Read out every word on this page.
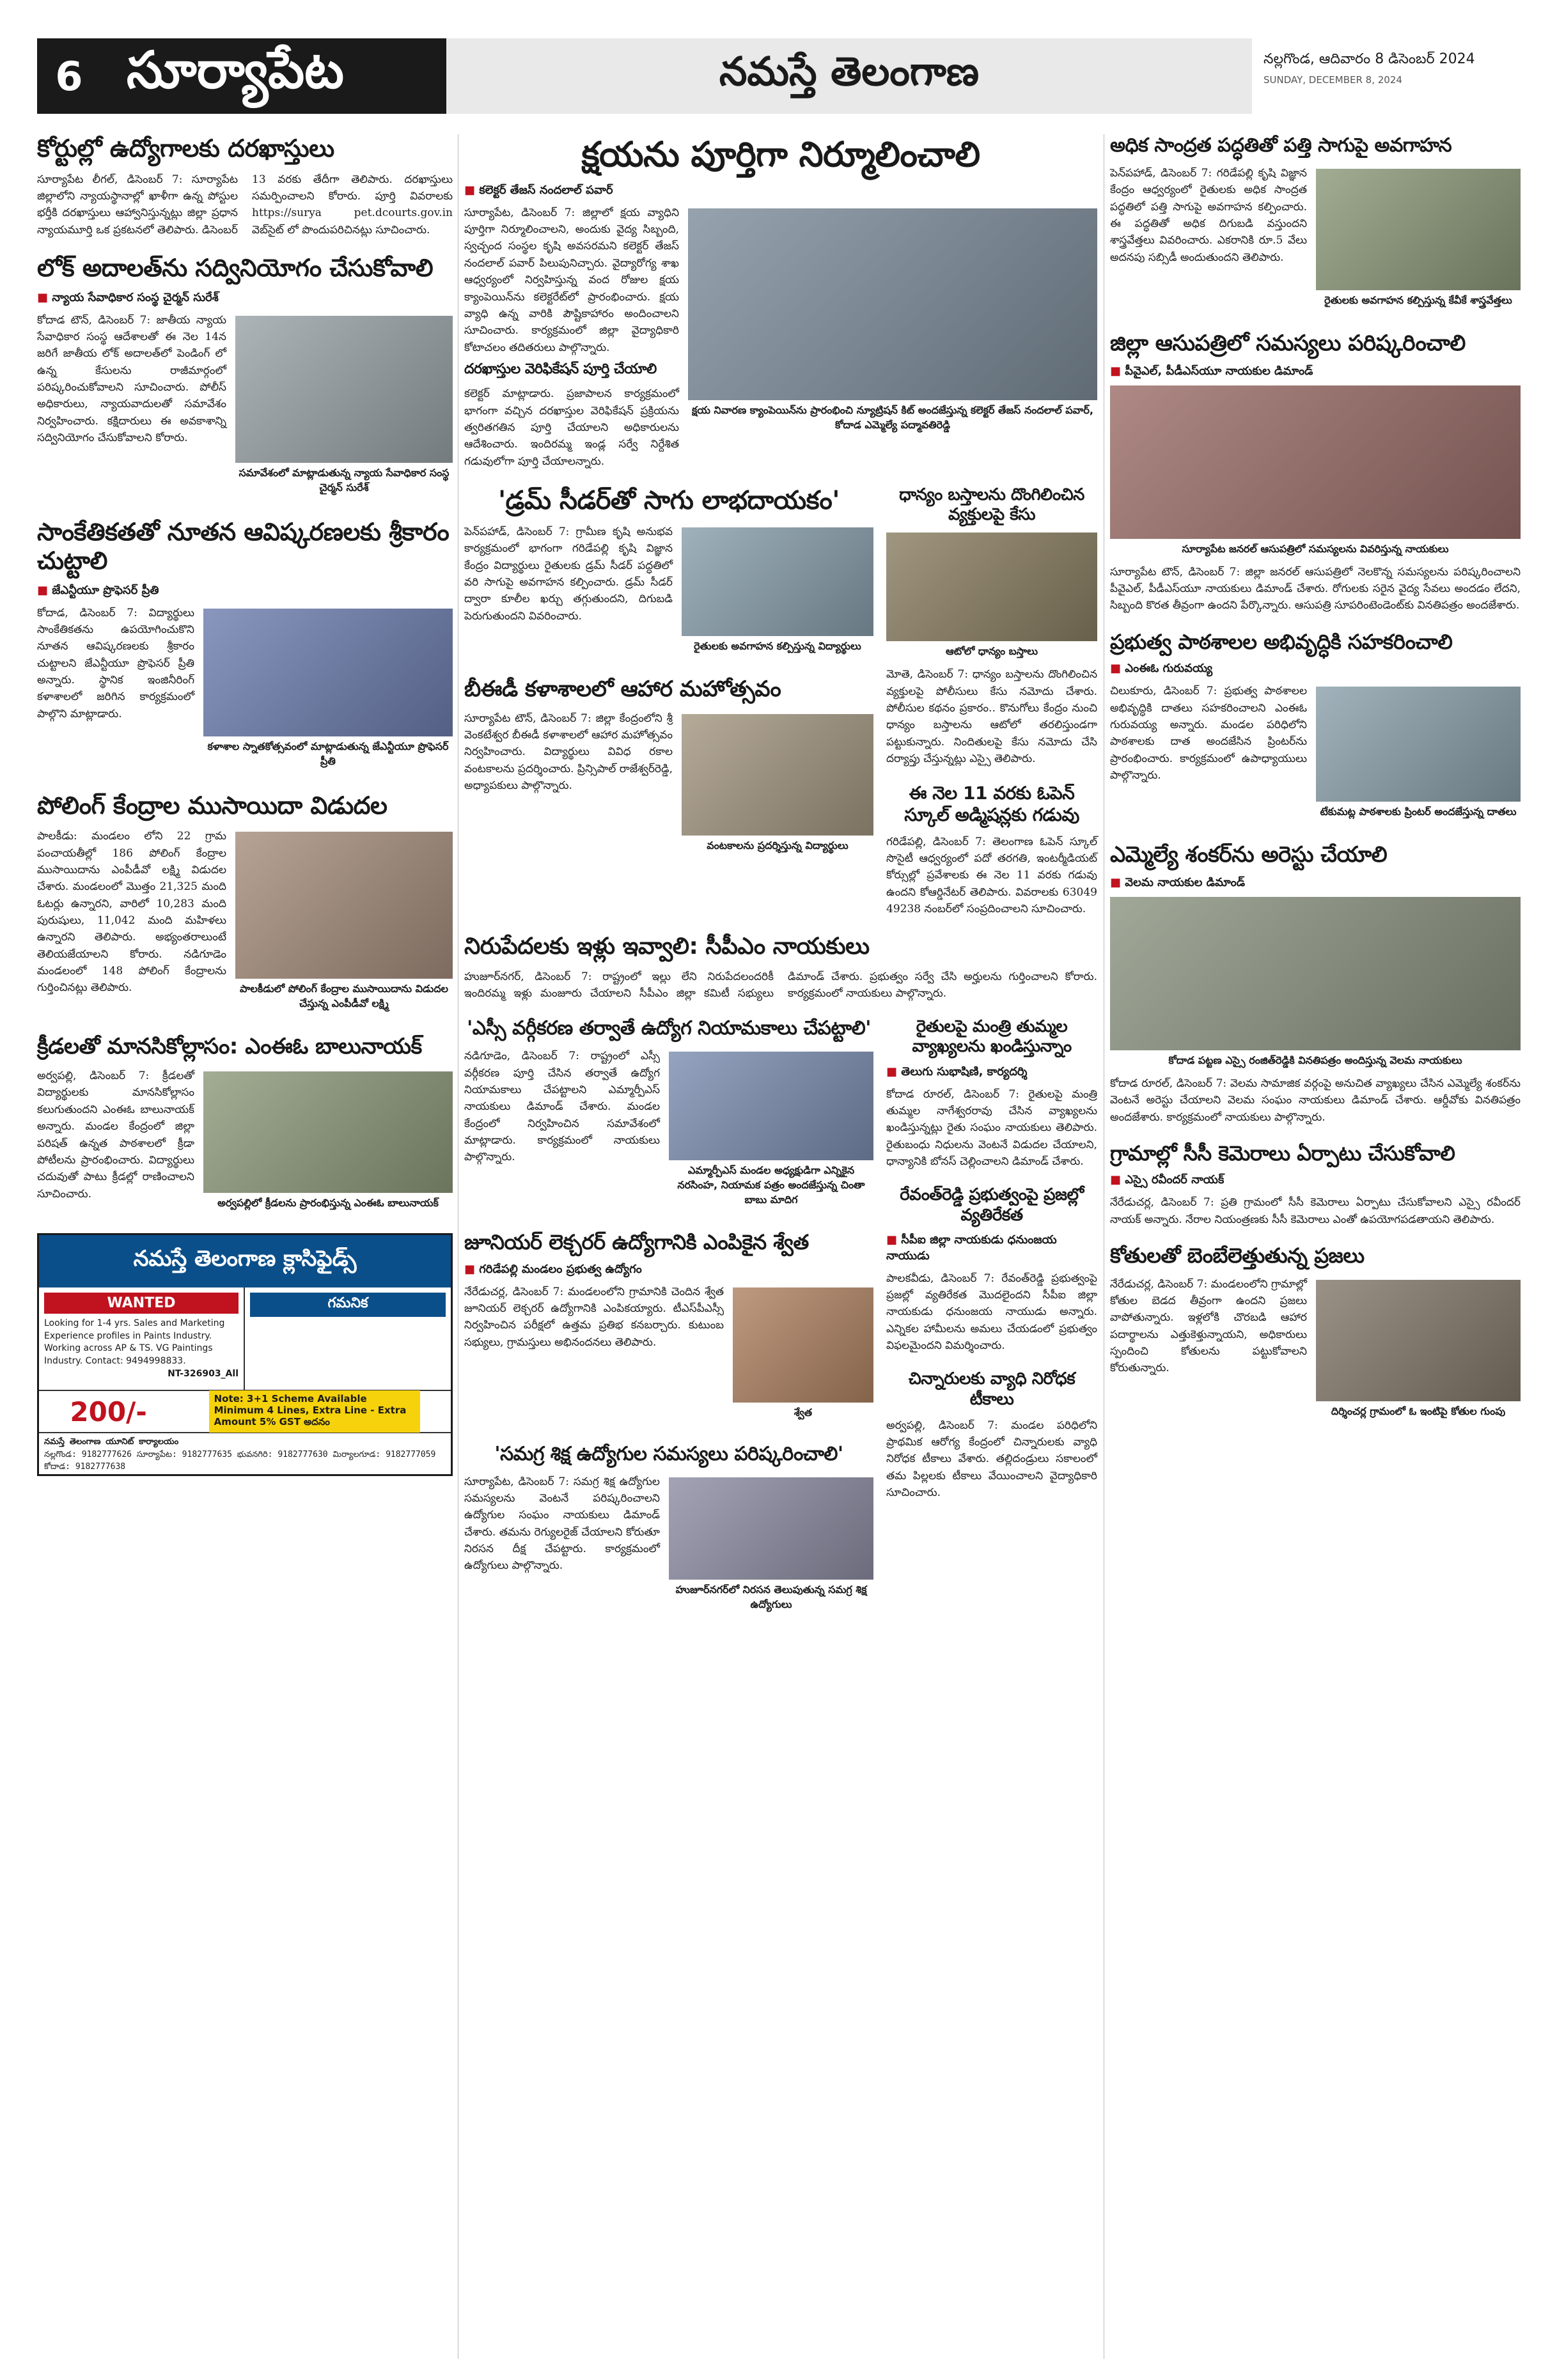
6 సూర్యాపేట	నమస్తే తెలంగాణ	నల్లగొండ, ఆదివారం 8 డిసెంబర్ 2024
SUNDAY, DECEMBER 8, 2024
కోర్టుల్లో ఉద్యోగాలకు దరఖాస్తులు
సూర్యాపేట లీగల్, డిసెంబర్ 7: సూర్యాపేట జిల్లాలోని న్యాయస్థానాల్లో ఖాళీగా ఉన్న పోస్టుల భర్తీకి దరఖాస్తులు ఆహ్వానిస్తున్నట్లు జిల్లా ప్రధాన న్యాయమూర్తి ఒక ప్రకటనలో తెలిపారు. డిసెంబర్ 13 వరకు తేదీగా తెలిపారు. దరఖాస్తులు సమర్పించాలని కోరారు. పూర్తి వివరాలకు https://surya pet.dcourts.gov.in వెబ్‌సైట్ లో పొందుపరిచినట్లు సూచించారు.
లోక్ అదాలత్‌ను సద్వినియోగం చేసుకోవాలి
■ న్యాయ సేవాధికార సంస్థ చైర్మన్ సురేశ్
సమావేశంలో మాట్లాడుతున్న న్యాయ సేవాధికార సంస్థ చైర్మన్ సురేశ్
కోదాడ టౌన్, డిసెంబర్ 7: జాతీయ న్యాయ సేవాధికార సంస్థ ఆదేశాలతో ఈ నెల 14న జరిగే జాతీయ లోక్ అదాలత్‌లో పెండింగ్ లో ఉన్న కేసులను రాజీమార్గంలో పరిష్కరించుకోవాలని సూచించారు. పోలీస్ అధికారులు, న్యాయవాదులతో సమావేశం నిర్వహించారు. కక్షిదారులు ఈ అవకాశాన్ని సద్వినియోగం చేసుకోవాలని కోరారు.
సాంకేతికతతో నూతన ఆవిష్కరణలకు శ్రీకారం చుట్టాలి
■ జేఎన్టీయూ ప్రొఫెసర్ ప్రీతి
కళాశాల స్నాతకోత్సవంలో మాట్లాడుతున్న జేఎన్టీయూ ప్రొఫెసర్ ప్రీతి
కోదాడ, డిసెంబర్ 7: విద్యార్థులు సాంకేతికతను ఉపయోగించుకొని నూతన ఆవిష్కరణలకు శ్రీకారం చుట్టాలని జేఎన్టీయూ ప్రొఫెసర్ ప్రీతి అన్నారు. స్థానిక ఇంజినీరింగ్ కళాశాలలో జరిగిన కార్యక్రమంలో పాల్గొని మాట్లాడారు.
పోలింగ్ కేంద్రాల ముసాయిదా విడుదల
పాలకీడులో పోలింగ్ కేంద్రాల ముసాయిదాను విడుదల చేస్తున్న ఎంపీడీవో లక్ష్మి
పాలకీడు: మండలం లోని 22 గ్రామ పంచాయతీల్లో 186 పోలింగ్ కేంద్రాల ముసాయిదాను ఎంపీడీవో లక్ష్మి విడుదల చేశారు. మండలంలో మొత్తం 21,325 మంది ఓటర్లు ఉన్నారని, వారిలో 10,283 మంది పురుషులు, 11,042 మంది మహిళలు ఉన్నారని తెలిపారు. అభ్యంతరాలుంటే తెలియజేయాలని కోరారు. నడిగూడెం మండలంలో 148 పోలింగ్ కేంద్రాలను గుర్తించినట్లు తెలిపారు.
క్రీడలతో మానసికోల్లాసం: ఎంఈఓ బాలునాయక్
అర్వపల్లిలో క్రీడలను ప్రారంభిస్తున్న ఎంఈఓ బాలునాయక్
అర్వపల్లి, డిసెంబర్ 7: క్రీడలతో విద్యార్థులకు మానసికోల్లాసం కలుగుతుందని ఎంఈఓ బాలునాయక్ అన్నారు. మండల కేంద్రంలో జిల్లా పరిషత్ ఉన్నత పాఠశాలలో క్రీడా పోటీలను ప్రారంభించారు. విద్యార్థులు చదువుతో పాటు క్రీడల్లో రాణించాలని సూచించారు.
నమస్తే తెలంగాణ క్లాసిఫైడ్స్
WANTED
Looking for 1-4 yrs. Sales and Marketing Experience profiles in Paints Industry. Working across AP & TS. VG Paintings Industry. Contact: 9494998833.
NT-326903_All
గమనిక
200/-	Note: 3+1 Scheme Available Minimum 4 Lines, Extra Line - Extra Amount 5% GST అదనం
నమస్తే తెలంగాణ యూనిట్ కార్యాలయం
నల్లగొండ: 9182777626 సూర్యాపేట: 9182777635 భువనగిరి: 9182777630 మిర్యాలగూడ: 9182777059 కోదాడ: 9182777638
క్షయను పూర్తిగా నిర్మూలించాలి
■ కలెక్టర్ తేజస్ నందలాల్ పవార్
క్షయ నివారణ క్యాంపెయిన్‌ను ప్రారంభించి న్యూట్రిషన్ కిట్ అందజేస్తున్న కలెక్టర్ తేజస్ నందలాల్ పవార్, కోదాడ ఎమ్మెల్యే పద్మావతిరెడ్డి
సూర్యాపేట, డిసెంబర్ 7: జిల్లాలో క్షయ వ్యాధిని పూర్తిగా నిర్మూలించాలని, అందుకు వైద్య సిబ్బంది, స్వచ్ఛంద సంస్థల కృషి అవసరమని కలెక్టర్ తేజస్ నందలాల్ పవార్ పిలుపునిచ్చారు. వైద్యారోగ్య శాఖ ఆధ్వర్యంలో నిర్వహిస్తున్న వంద రోజుల క్షయ క్యాంపెయిన్‌ను కలెక్టరేట్‌లో ప్రారంభించారు. క్షయ వ్యాధి ఉన్న వారికి పౌష్టికాహారం అందించాలని సూచించారు. కార్యక్రమంలో జిల్లా వైద్యాధికారి కోటాచలం తదితరులు పాల్గొన్నారు.
దరఖాస్తుల వెరిఫికేషన్ పూర్తి చేయాలి
కలెక్టర్ మాట్లాడారు. ప్రజాపాలన కార్యక్రమంలో భాగంగా వచ్చిన దరఖాస్తుల వెరిఫికేషన్ ప్రక్రియను త్వరితగతిన పూర్తి చేయాలని అధికారులను ఆదేశించారు. ఇందిరమ్మ ఇండ్ల సర్వే నిర్దేశిత గడువులోగా పూర్తి చేయాలన్నారు.
'డ్రమ్ సీడర్‌తో సాగు లాభదాయకం'
రైతులకు అవగాహన కల్పిస్తున్న విద్యార్థులు
పెన్‌పహాడ్, డిసెంబర్ 7: గ్రామీణ కృషి అనుభవ కార్యక్రమంలో భాగంగా గరిడేపల్లి కృషి విజ్ఞాన కేంద్రం విద్యార్థులు రైతులకు డ్రమ్ సీడర్ పద్ధతిలో వరి సాగుపై అవగాహన కల్పించారు. డ్రమ్ సీడర్ ద్వారా కూలీల ఖర్చు తగ్గుతుందని, దిగుబడి పెరుగుతుందని వివరించారు.
బీఈడీ కళాశాలలో ఆహార మహోత్సవం
వంటకాలను ప్రదర్శిస్తున్న విద్యార్థులు
సూర్యాపేట టౌన్, డిసెంబర్ 7: జిల్లా కేంద్రంలోని శ్రీ వెంకటేశ్వర బీఈడీ కళాశాలలో ఆహార మహోత్సవం నిర్వహించారు. విద్యార్థులు వివిధ రకాల వంటకాలను ప్రదర్శించారు. ప్రిన్సిపాల్ రాజేశ్వర్‌రెడ్డి, అధ్యాపకులు పాల్గొన్నారు.
ధాన్యం బస్తాలను దొంగిలించిన వ్యక్తులపై కేసు
ఆటోలో ధాన్యం బస్తాలు
మోతె, డిసెంబర్ 7: ధాన్యం బస్తాలను దొంగిలించిన వ్యక్తులపై పోలీసులు కేసు నమోదు చేశారు. పోలీసుల కథనం ప్రకారం.. కొనుగోలు కేంద్రం నుంచి ధాన్యం బస్తాలను ఆటోలో తరలిస్తుండగా పట్టుకున్నారు. నిందితులపై కేసు నమోదు చేసి దర్యాప్తు చేస్తున్నట్లు ఎస్సై తెలిపారు.
ఈ నెల 11 వరకు ఓపెన్ స్కూల్ అడ్మిషన్లకు గడువు
గరిడేపల్లి, డిసెంబర్ 7: తెలంగాణ ఓపెన్ స్కూల్ సొసైటీ ఆధ్వర్యంలో పదో తరగతి, ఇంటర్మీడియట్ కోర్సుల్లో ప్రవేశాలకు ఈ నెల 11 వరకు గడువు ఉందని కోఆర్డినేటర్ తెలిపారు. వివరాలకు 63049 49238 నంబర్‌లో సంప్రదించాలని సూచించారు.
నిరుపేదలకు ఇళ్లు ఇవ్వాలి: సీపీఎం నాయకులు
హుజూర్‌నగర్, డిసెంబర్ 7: రాష్ట్రంలో ఇల్లు లేని నిరుపేదలందరికీ ఇందిరమ్మ ఇళ్లు మంజూరు చేయాలని సీపీఎం జిల్లా కమిటీ సభ్యులు డిమాండ్ చేశారు. ప్రభుత్వం సర్వే చేసి అర్హులను గుర్తించాలని కోరారు. కార్యక్రమంలో నాయకులు పాల్గొన్నారు.
'ఎస్సీ వర్గీకరణ తర్వాతే ఉద్యోగ నియామకాలు చేపట్టాలి'
ఎమ్మార్పీఎస్ మండల అధ్యక్షుడిగా ఎన్నికైన నరసింహ, నియామక పత్రం అందజేస్తున్న చింతా బాబు మాదిగ
నడిగూడెం, డిసెంబర్ 7: రాష్ట్రంలో ఎస్సీ వర్గీకరణ పూర్తి చేసిన తర్వాతే ఉద్యోగ నియామకాలు చేపట్టాలని ఎమ్మార్పీఎస్ నాయకులు డిమాండ్ చేశారు. మండల కేంద్రంలో నిర్వహించిన సమావేశంలో మాట్లాడారు. కార్యక్రమంలో నాయకులు పాల్గొన్నారు.
జూనియర్ లెక్చరర్ ఉద్యోగానికి ఎంపికైన శ్వేత
■ గరిడేపల్లి మండలం ప్రభుత్వ ఉద్యోగం
శ్వేత
నేరేడుచర్ల, డిసెంబర్ 7: మండలంలోని గ్రామానికి చెందిన శ్వేత జూనియర్ లెక్చరర్ ఉద్యోగానికి ఎంపికయ్యారు. టీఎస్‌పీఎస్సీ నిర్వహించిన పరీక్షలో ఉత్తమ ప్రతిభ కనబర్చారు. కుటుంబ సభ్యులు, గ్రామస్తులు అభినందనలు తెలిపారు.
'సమగ్ర శిక్ష ఉద్యోగుల సమస్యలు పరిష్కరించాలి'
హుజూర్‌నగర్‌లో నిరసన తెలుపుతున్న సమగ్ర శిక్ష ఉద్యోగులు
సూర్యాపేట, డిసెంబర్ 7: సమగ్ర శిక్ష ఉద్యోగుల సమస్యలను వెంటనే పరిష్కరించాలని ఉద్యోగుల సంఘం నాయకులు డిమాండ్ చేశారు. తమను రెగ్యులరైజ్ చేయాలని కోరుతూ నిరసన దీక్ష చేపట్టారు. కార్యక్రమంలో ఉద్యోగులు పాల్గొన్నారు.
రైతులపై మంత్రి తుమ్మల వ్యాఖ్యలను ఖండిస్తున్నాం
■ తెలుగు సుభాషిణి, కార్యదర్శి
కోదాడ రూరల్, డిసెంబర్ 7: రైతులపై మంత్రి తుమ్మల నాగేశ్వరరావు చేసిన వ్యాఖ్యలను ఖండిస్తున్నట్లు రైతు సంఘం నాయకులు తెలిపారు. రైతుబంధు నిధులను వెంటనే విడుదల చేయాలని, ధాన్యానికి బోనస్ చెల్లించాలని డిమాండ్ చేశారు.
రేవంత్‌రెడ్డి ప్రభుత్వంపై ప్రజల్లో వ్యతిరేకత
■ సీపీఐ జిల్లా నాయకుడు ధనుంజయ నాయుడు
పాలకవీడు, డిసెంబర్ 7: రేవంత్‌రెడ్డి ప్రభుత్వంపై ప్రజల్లో వ్యతిరేకత మొదలైందని సీపీఐ జిల్లా నాయకుడు ధనుంజయ నాయుడు అన్నారు. ఎన్నికల హామీలను అమలు చేయడంలో ప్రభుత్వం విఫలమైందని విమర్శించారు.
చిన్నారులకు వ్యాధి నిరోధక టీకాలు
అర్వపల్లి, డిసెంబర్ 7: మండల పరిధిలోని ప్రాథమిక ఆరోగ్య కేంద్రంలో చిన్నారులకు వ్యాధి నిరోధక టీకాలు వేశారు. తల్లిదండ్రులు సకాలంలో తమ పిల్లలకు టీకాలు వేయించాలని వైద్యాధికారి సూచించారు.
అధిక సాంద్రత పద్ధతితో పత్తి సాగుపై అవగాహన
రైతులకు అవగాహన కల్పిస్తున్న కేవీకే శాస్త్రవేత్తలు
పెన్‌పహాడ్, డిసెంబర్ 7: గరిడేపల్లి కృషి విజ్ఞాన కేంద్రం ఆధ్వర్యంలో రైతులకు అధిక సాంద్రత పద్ధతిలో పత్తి సాగుపై అవగాహన కల్పించారు. ఈ పద్ధతితో అధిక దిగుబడి వస్తుందని శాస్త్రవేత్తలు వివరించారు. ఎకరానికి రూ.5 వేలు అదనపు సబ్సిడీ అందుతుందని తెలిపారు.
జిల్లా ఆసుపత్రిలో సమస్యలు పరిష్కరించాలి
■ పీవైఎల్, పీడీఎస్‌యూ నాయకుల డిమాండ్
సూర్యాపేట జనరల్ ఆసుపత్రిలో సమస్యలను వివరిస్తున్న నాయకులు
సూర్యాపేట టౌన్, డిసెంబర్ 7: జిల్లా జనరల్ ఆసుపత్రిలో నెలకొన్న సమస్యలను పరిష్కరించాలని పీవైఎల్, పీడీఎస్‌యూ నాయకులు డిమాండ్ చేశారు. రోగులకు సరైన వైద్య సేవలు అందడం లేదని, సిబ్బంది కొరత తీవ్రంగా ఉందని పేర్కొన్నారు. ఆసుపత్రి సూపరింటెండెంట్‌కు వినతిపత్రం అందజేశారు.
ప్రభుత్వ పాఠశాలల అభివృద్ధికి సహకరించాలి
■ ఎంఈఓ గురువయ్య
టేకుమట్ల పాఠశాలకు ప్రింటర్ అందజేస్తున్న దాతలు
చిలుకూరు, డిసెంబర్ 7: ప్రభుత్వ పాఠశాలల అభివృద్ధికి దాతలు సహకరించాలని ఎంఈఓ గురువయ్య అన్నారు. మండల పరిధిలోని పాఠశాలకు దాత అందజేసిన ప్రింటర్‌ను ప్రారంభించారు. కార్యక్రమంలో ఉపాధ్యాయులు పాల్గొన్నారు.
ఎమ్మెల్యే శంకర్‌ను అరెస్టు చేయాలి
■ వెలమ నాయకుల డిమాండ్
కోదాడ పట్టణ ఎస్సై రంజిత్‌రెడ్డికి వినతిపత్రం అందిస్తున్న వెలమ నాయకులు
కోదాడ రూరల్, డిసెంబర్ 7: వెలమ సామాజిక వర్గంపై అనుచిత వ్యాఖ్యలు చేసిన ఎమ్మెల్యే శంకర్‌ను వెంటనే అరెస్టు చేయాలని వెలమ సంఘం నాయకులు డిమాండ్ చేశారు. ఆర్డీవోకు వినతిపత్రం అందజేశారు. కార్యక్రమంలో నాయకులు పాల్గొన్నారు.
గ్రామాల్లో సీసీ కెమెరాలు ఏర్పాటు చేసుకోవాలి
■ ఎస్సై రవీందర్ నాయక్
నేరేడుచర్ల, డిసెంబర్ 7: ప్రతి గ్రామంలో సీసీ కెమెరాలు ఏర్పాటు చేసుకోవాలని ఎస్సై రవీందర్ నాయక్ అన్నారు. నేరాల నియంత్రణకు సీసీ కెమెరాలు ఎంతో ఉపయోగపడతాయని తెలిపారు.
కోతులతో బెంబేలెత్తుతున్న ప్రజలు
దిర్శించర్ల గ్రామంలో ఓ ఇంటిపై కోతుల గుంపు
నేరేడుచర్ల, డిసెంబర్ 7: మండలంలోని గ్రామాల్లో కోతుల బెడద తీవ్రంగా ఉందని ప్రజలు వాపోతున్నారు. ఇళ్లలోకి చొరబడి ఆహార పదార్థాలను ఎత్తుకెళ్తున్నాయని, అధికారులు స్పందించి కోతులను పట్టుకోవాలని కోరుతున్నారు.
